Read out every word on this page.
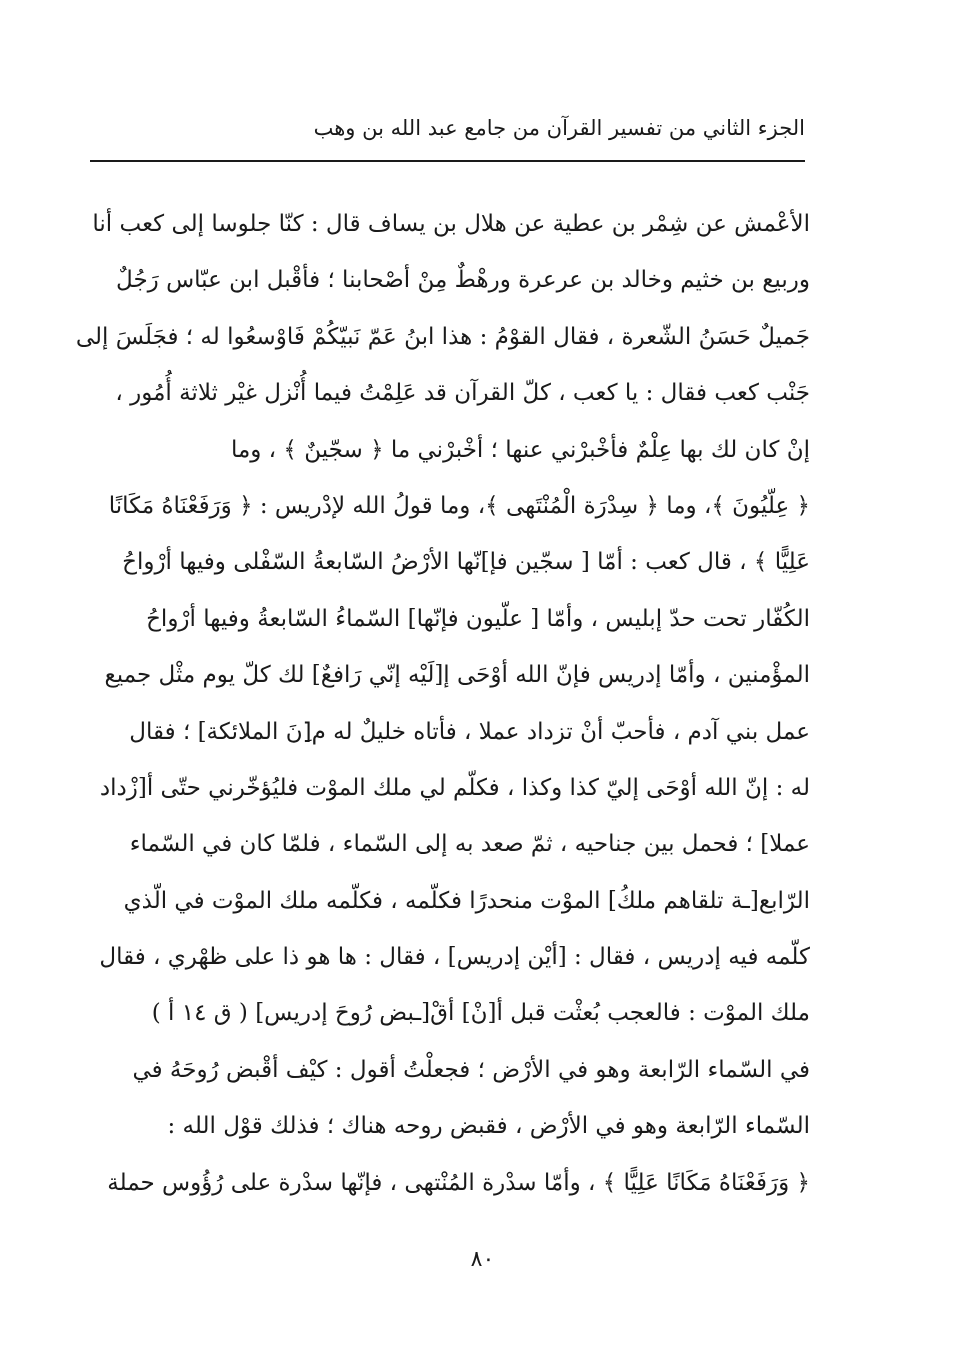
الجزء الثاني من تفسير القرآن من جامع عبد الله بن وهب
الأعْمش عن شِمْر بن عطية عن هلال بن يساف قال : كنّا جلوسا إلى كعب أنا
وربيع بن خثيم وخالد بن عرعرة ورهْطٌ مِنْ أصْحابنا ؛ فأقْبل ابن عبّاس رَجُلٌ
جَميلٌ حَسَنُ الشّعرة ، فقال القوْمُ : هذا ابنُ عَمّ نَبيّكُمْ فَاوْسعُوا له ؛ فجَلَسَ إلى
جَنْب كعب فقال : يا كعب ، كلّ القرآن قد عَلِمْتُ فيما أُنْزل غيْر ثلاثة أُمُور ،
إنْ كان لك بها عِلْمٌ فأخْبرْني عنها ؛ أخْبرْني ما ﴿ سجّينٌ ﴾ ، وما
﴿ عِلّيُونَ ﴾، وما ﴿ سِدْرَة الْمُنْتَهى ﴾، وما قولُ الله لإدْريس : ﴿ وَرَفَعْنَاهُ مَكَانًا
عَلِيًّا ﴾ ، قال كعب : أمّا [ سجّين فإ]نّها الأرْضُ السّابعةُ السّفْلى وفيها أرْواحُ
الكُفّار تحت حدّ إبليس ، وأمّا [ علّيون فإنّها] السّماءُ السّابعةُ وفيها أرْواحُ
المؤْمنين ، وأمّا إدريس فإنّ الله أوْحَى إ[لَيْه إنّي رَافعٌ] لك كلّ يوم مثْل جميع
عمل بني آدم ، فأحبّ أنْ تزداد عملا ، فأتاه خليلٌ له م[ِنَ الملائكة] ؛ فقال
له : إنّ الله أوْحَى إليّ كذا وكذا ، فكلّم لي ملك الموْت فليُؤخّرني حتّى أ[زْداد
عملا] ؛ فحمل بين جناحيه ، ثمّ صعد به إلى السّماء ، فلمّا كان في السّماء
الرّابع[ـة تلقاهم ملكُ] الموْت منحدرًا فكلّمه ، فكلّمه ملك الموْت في الّذي
كلّمه فيه إدريس ، فقال : [أيْن إدريس] ، فقال : ها هو ذا على ظهْري ، فقال
ملك الموْت : فالعجب بُعثْت قبل أ[نْ] أقْ[ـبض رُوحَ إدريس] ( ق ١٤ أ )
في السّماء الرّابعة وهو في الأرْض ؛ فجعلْتُ أقول : كيْف أقْبض رُوحَهُ في
السّماء الرّابعة وهو في الأرْض ، فقبض روحه هناك ؛ فذلك قوْل الله :
﴿ وَرَفَعْنَاهُ مَكَانًا عَلِيًّا ﴾ ، وأمّا سدْرة المُنْتهى ، فإنّها سدْرة على رُؤُوس حملة
٨٠
